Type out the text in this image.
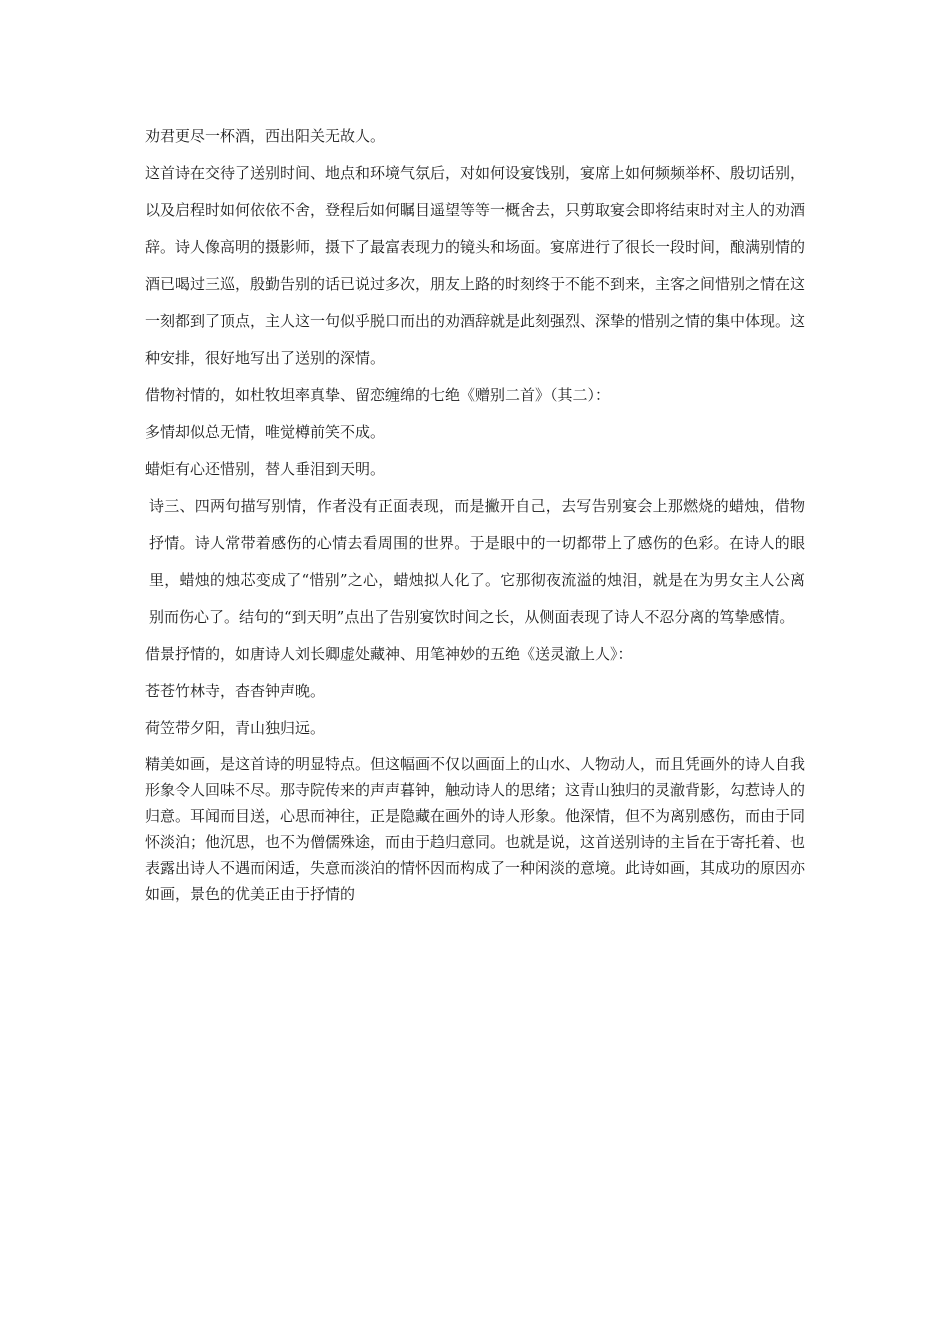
劝君更尽一杯酒，西出阳关无故人。

这首诗在交待了送别时间、地点和环境气氛后，对如何设宴饯别，宴席上如何频频举杯、殷切话别，以及启程时如何依依不舍，登程后如何瞩目遥望等等一概舍去，只剪取宴会即将结束时对主人的劝酒辞。诗人像高明的摄影师，摄下了最富表现力的镜头和场面。宴席进行了很长一段时间，酿满别情的酒已喝过三巡，殷勤告别的话已说过多次，朋友上路的时刻终于不能不到来，主客之间惜别之情在这一刻都到了顶点，主人这一句似乎脱口而出的劝酒辞就是此刻强烈、深挚的惜别之情的集中体现。这种安排，很好地写出了送别的深情。

借物衬情的，如杜牧坦率真挚、留恋缠绵的七绝《赠别二首》（其二）：

多情却似总无情，唯觉樽前笑不成。

蜡炬有心还惜别，替人垂泪到天明。

诗三、四两句描写别情，作者没有正面表现，而是撇开自己，去写告别宴会上那燃烧的蜡烛，借物抒情。诗人常带着感伤的心情去看周围的世界。于是眼中的一切都带上了感伤的色彩。在诗人的眼里，蜡烛的烛芯变成了“惜别”之心，蜡烛拟人化了。它那彻夜流溢的烛泪，就是在为男女主人公离别而伤心了。结句的“到天明”点出了告别宴饮时间之长，从侧面表现了诗人不忍分离的笃挚感情。

借景抒情的，如唐诗人刘长卿虚处藏神、用笔神妙的五绝《送灵澈上人》：

苍苍竹林寺，杳杳钟声晚。

荷笠带夕阳，青山独归远。

精美如画，是这首诗的明显特点。但这幅画不仅以画面上的山水、人物动人，而且凭画外的诗人自我形象令人回味不尽。那寺院传来的声声暮钟，触动诗人的思绪；这青山独归的灵澈背影，勾惹诗人的归意。耳闻而目送，心思而神往，正是隐藏在画外的诗人形象。他深情，但不为离别感伤，而由于同怀淡泊；他沉思，也不为僧儒殊途，而由于趋归意同。也就是说，这首送别诗的主旨在于寄托着、也表露出诗人不遇而闲适，失意而淡泊的情怀因而构成了一种闲淡的意境。此诗如画，其成功的原因亦如画，景色的优美正由于抒情的
